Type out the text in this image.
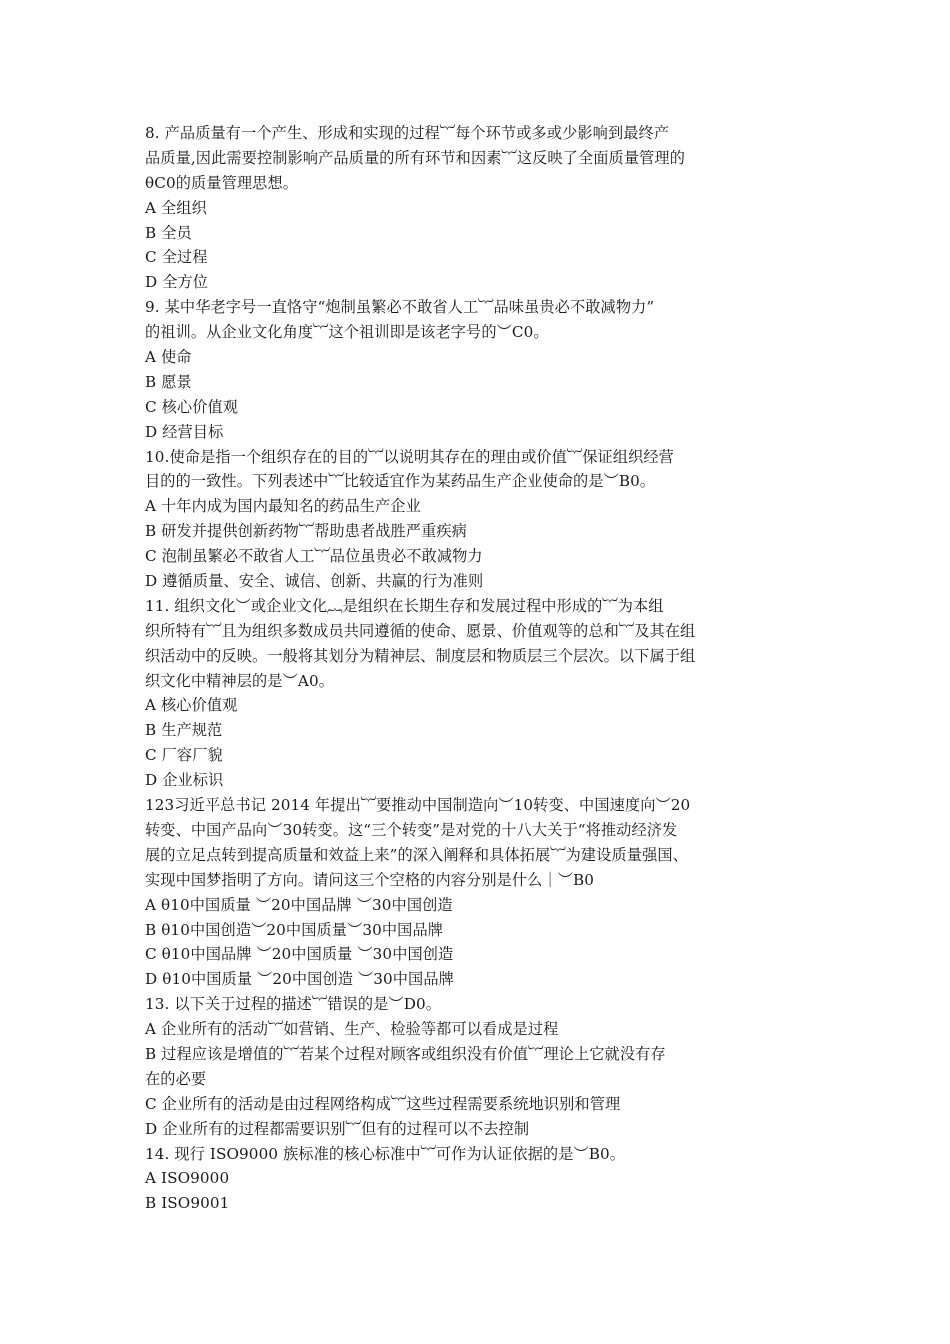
8. 产品质量有一个产生、形成和实现的过程︸每个环节或多或少影响到最终产
品质量,因此需要控制影响产品质量的所有环节和因素︸这反映了全面质量管理的
θC0的质量管理思想。
A 全组织
B 全员
C 全过程
D 全方位
9. 某中华老字号一直恪守“炮制虽繁必不敢省人工︸品味虽贵必不敢减物力”
的祖训。从企业文化角度︸这个祖训即是该老字号的︶C0。
A 使命
B 愿景
C 核心价值观
D 经营目标
10.使命是指一个组织存在的目的︸以说明其存在的理由或价值︸保证组织经营
目的的一致性。下列表述中︸比较适宜作为某药品生产企业使命的是︶B0。
A 十年内成为国内最知名的药品生产企业
B 研发并提供创新药物︸帮助患者战胜严重疾病
C 泡制虽繁必不敢省人工︸品位虽贵必不敢减物力
D 遵循质量、安全、诚信、创新、共赢的行为准则
11. 组织文化︶或企业文化︷是组织在长期生存和发展过程中形成的︸为本组
织所特有︸且为组织多数成员共同遵循的使命、愿景、价值观等的总和︸及其在组
织活动中的反映。一般将其划分为精神层、制度层和物质层三个层次。以下属于组
织文化中精神层的是︶A0。
A 核心价值观
B 生产规范
C 厂容厂貌
D 企业标识
123习近平总书记 2014 年提出︸要推动中国制造向︶10转变、中国速度向︶20
转变、中国产品向︶30转变。这“三个转变”是对党的十八大关于“将推动经济发
展的立足点转到提高质量和效益上来”的深入阐释和具体拓展︸为建设质量强国、
实现中国梦指明了方向。请问这三个空格的内容分别是什么｜︶B0
A θ10中国质量 ︶20中国品牌 ︶30中国创造
B θ10中国创造︶20中国质量︶30中国品牌
C θ10中国品牌 ︶20中国质量 ︶30中国创造
D θ10中国质量 ︶20中国创造 ︶30中国品牌
13. 以下关于过程的描述︸错误的是︶D0。
A 企业所有的活动︸如营销、生产、检验等都可以看成是过程
B 过程应该是增值的︸若某个过程对顾客或组织没有价值︸理论上它就没有存
在的必要
C 企业所有的活动是由过程网络构成︸这些过程需要系统地识别和管理
D 企业所有的过程都需要识别︸但有的过程可以不去控制
14. 现行 ISO9000 族标准的核心标准中︸可作为认证依据的是︶B0。
A ISO9000
B ISO9001
